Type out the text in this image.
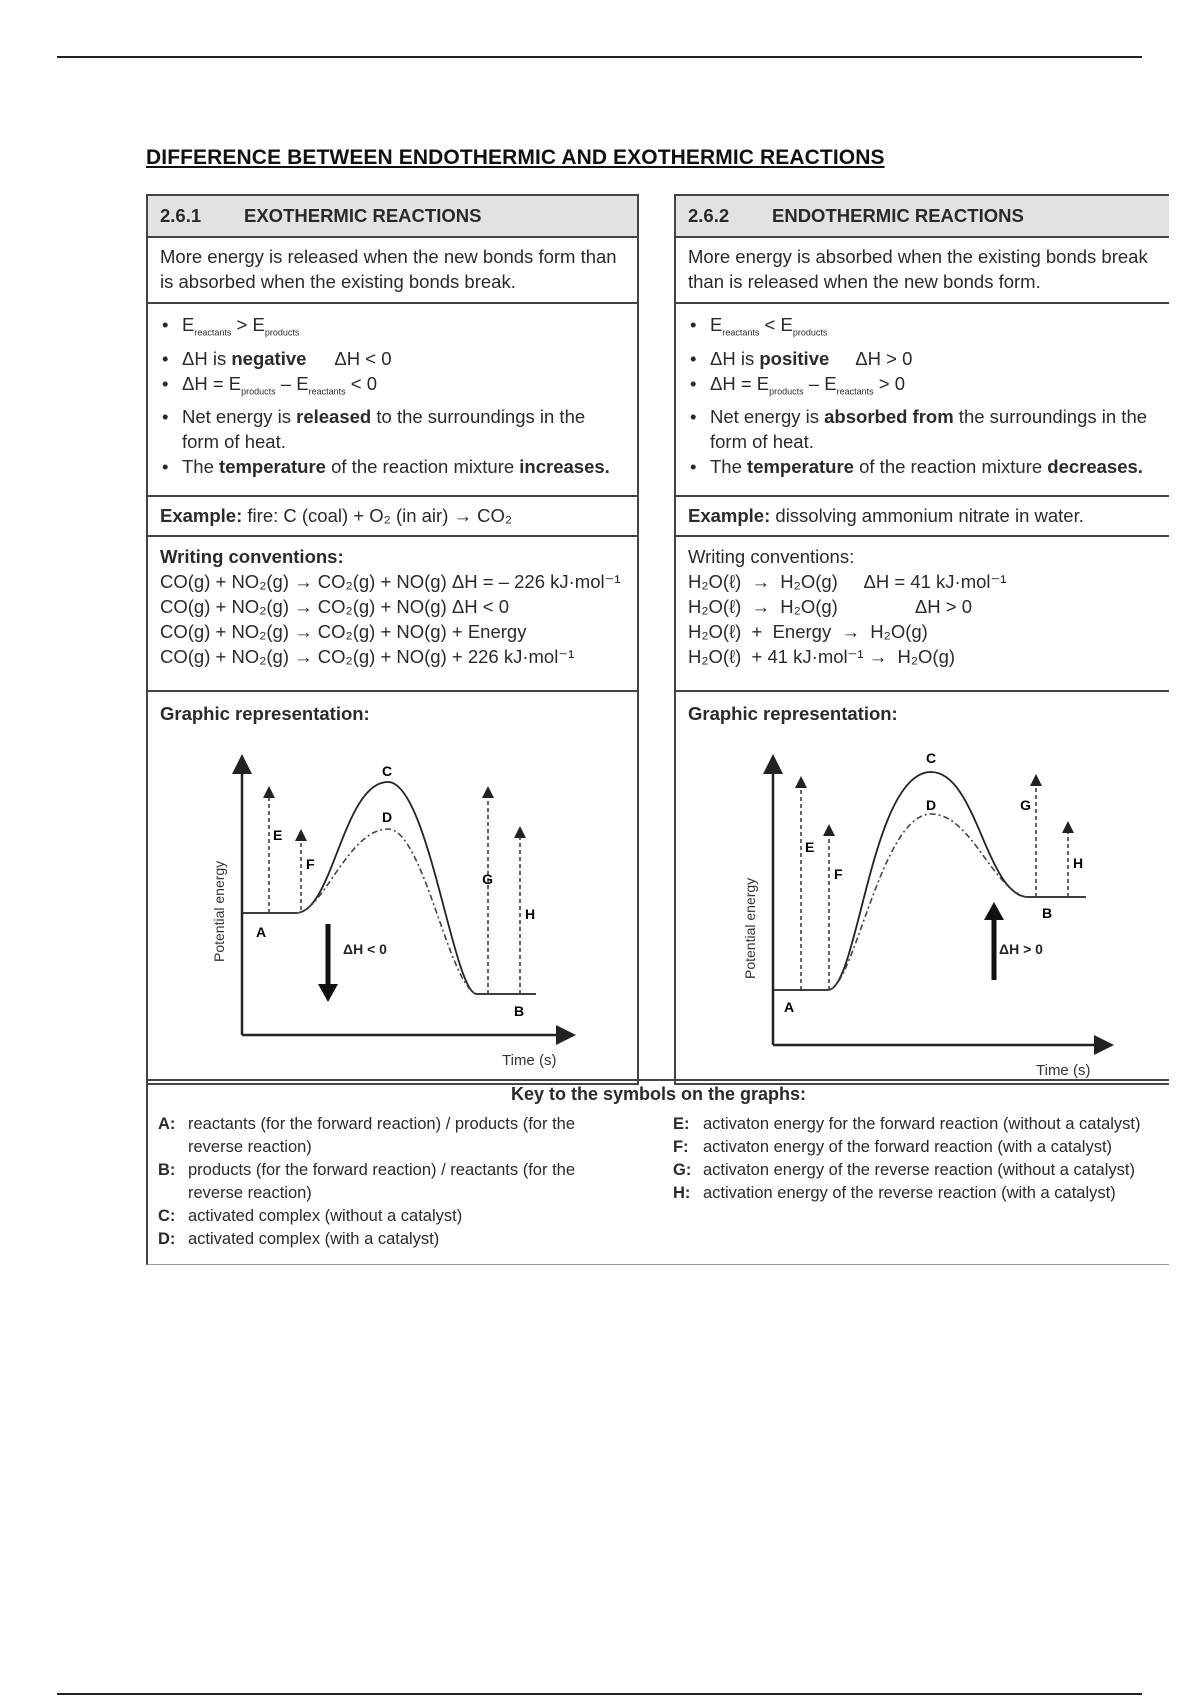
DIFFERENCE BETWEEN ENDOTHERMIC AND EXOTHERMIC REACTIONS
2.6.1 EXOTHERMIC REACTIONS
More energy is released when the new bonds form than is absorbed when the existing bonds break.
• $E_{reactants} > E_{products}$
• ΔH is negative ΔH < 0
• $\Delta H = E_{products} - E_{reactants} < 0$
• Net energy is released to the surroundings in the form of heat.
• The temperature of the reaction mixture increases.
Example: fire: C (coal) + O₂ (in air) → CO₂
Writing conventions:
CO(g) + NO₂(g) → CO₂(g) + NO(g) ΔH = – 226 kJ·mol⁻¹
CO(g) + NO₂(g) → CO₂(g) + NO(g) ΔH < 0
CO(g) + NO₂(g) → CO₂(g) + NO(g) + Energy
CO(g) + NO₂(g) → CO₂(g) + NO(g) + 226 kJ·mol⁻¹
Graphic representation:
Potential energy
Time (s)
ΔH < 0
A
B
C
D
E
F
G
H
2.6.2 ENDOTHERMIC REACTIONS
More energy is absorbed when the existing bonds break than is released when the new bonds form.
• $E_{reactants} < E_{products}$
• ΔH is positive ΔH > 0
• $\Delta H = E_{products} - E_{reactants} > 0$
• Net energy is absorbed from the surroundings in the form of heat.
• The temperature of the reaction mixture decreases.
Example: dissolving ammonium nitrate in water.
Writing conventions:
H₂O(ℓ)  →  H₂O(g)     ΔH = 41 kJ·mol⁻¹
H₂O(ℓ)  →  H₂O(g)               ΔH > 0
H₂O(ℓ)  +  Energy  →  H₂O(g)
H₂O(ℓ)  + 41 kJ·mol⁻¹ →  H₂O(g)
Graphic representation:
Potential energy
Time (s)
ΔH > 0
A
B
C
D
E
F
G
H
Key to the symbols on the graphs:
A: reactants (for the forward reaction) / products (for the reverse reaction)
B: products (for the forward reaction) / reactants (for the reverse reaction)
C: activated complex (without a catalyst)
D: activated complex (with a catalyst)
E: activaton energy for the forward reaction (without a catalyst)
F: activaton energy of the forward reaction (with a catalyst)
G: activaton energy of the reverse reaction (without a catalyst)
H: activation energy of the reverse reaction (with a catalyst)
